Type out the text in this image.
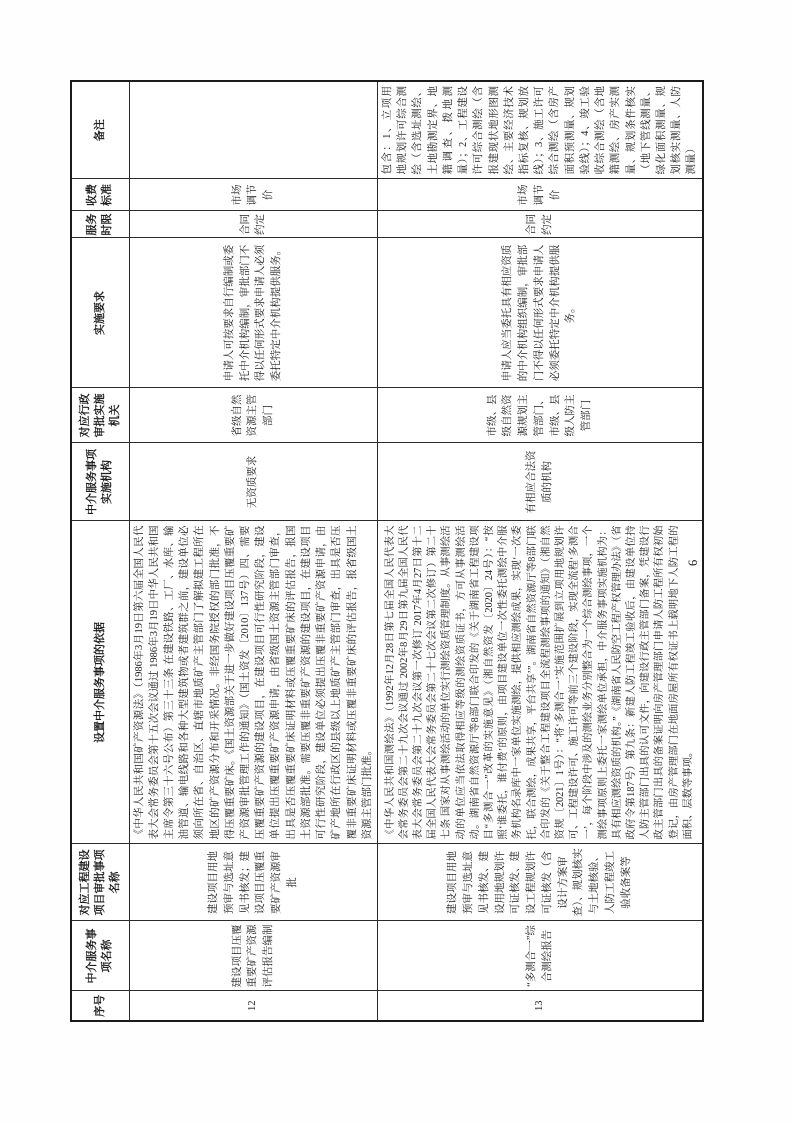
序号	中介服务事项名称	对应工程建设项目审批事项名称	设置中介服务事项的依据	中介服务事项实施机构	对应行政审批实施机关	实施要求	服务时限	收费标准	备注
12	建设项目压覆重要矿产资源评估报告编制	建设项目用地预审与选址意见书核发；建设项目压覆重要矿产资源审批	《中华人民共和国矿产资源法》（1986年3月19日第六届全国人民代表大会常务委员会第十五次会议通过 1986年3月19日中华人民共和国主席令第三十六号公布）第三十三条 在建设铁路、工厂、水库、输油管道、输电线路和各种大型建筑物或者建筑群之前，建设单位必须向所在省、自治区、直辖市地质矿产主管部门了解拟建工程所在地区的矿产资源分布和开采情况。非经国务院授权的部门批准，不得压覆重要矿床。《国土资源部关于进一步做好建设项目压覆重要矿产资源审批管理工作的通知》（国土资发〔2010〕137号）四、需要压覆重要矿产资源的建设项目，在建设项目可行性研究阶段，建设单位提出压覆重要矿产资源申请，由省级国土资源主管部门审查，出具是否压覆重要矿床证明材料或压覆重要矿床的评估报告，报国土资源部批准。需要压覆非重要矿产资源的建设项目，在建设项目可行性研究阶段，建设单位必须提出压覆非重要矿产资源申请，由矿产地所在行政区的县级以上地质矿产主管部门审查，出具是否压覆非重要矿床证明材料或压覆非重要矿床的评估报告，报省级国土资源主管部门批准。	无资质要求	省级自然资源主管部门	申请人可按要求自行编制或委托中介机构编制，审批部门不得以任何形式要求申请人必须委托特定中介机构提供服务。	合同约定	市场调节价	
13	“多测合一”综合测绘报告	建设项目用地预审与选址意见书核发、建设用地规划许可证核发、建设工程规划许可证核发（含设计方案审查）、规划核实与土地核验、人防工程竣工验收备案等	《中华人民共和国测绘法》（1992年12月28日第七届全国人民代表大会常务委员会第二十九次会议通过 2002年8月29日第九届全国人民代表大会常务委员会第二十九次会议第一次修订 2017年4月27日第十二届全国人民代表大会常务委员会第二十七次会议第二次修订）第二十七条 国家对从事测绘活动的单位实行测绘资质管理制度。从事测绘活动的单位应当依法取得相应等级的测绘资质证书，方可从事测绘活动。湖南省自然资源厅等8部门联合印发的《关于湖南省工程建设项目“多测合一”改革的实施意见》（湘自然资发〔2020〕24号）：“按照‘谁委托，谁付费’的原则，由项目建设单位一次性委托测绘中介服务机构名录库中一家单位实施测绘，提供相应测绘成果，实现‘一次委托，联合测绘，成果共享，平台共享’”。湖南省自然资源厅等8部门联合印发的《关于整合工程建设项目全流程测绘事项的通知》（湘自然资规〔2021〕1号）：“将‘多测合一’实施范围扩展到立项用地规划许可、工程建设许可、施工许可等前三个建设阶段，实现全流程‘多测合一’，每个阶段中涉及的测绘业务分别整合为一个综合测绘事项，一个测绘事项原则上委托一家测绘单位承担，中介服务事项实施机构为：具有相应测绘资质的机构。”《湖南省人民防空工程产权管理办法》（省政府令第187号）第九条：新建人防工程竣工验收后，由建设单位持人防主管部门出具的认可文件，向建设行政主管部门备案，凭建设行政主管部门出具的备案证明向房产管理部门申请人防工程所有权初始登记，由房产管理部门在地面房屋所有权证书上载明地下人防工程的面积、层数等事项。	有相应合法资质的机构	市级、县级自然资源规划主管部门、市级、县级人防主管部门	申请人应当委托具有相应资质的中介机构组织编制，审批部门不得以任何形式要求申请人必须委托特定中介机构提供服务。	合同约定	市场调节价	包含：1、立项用地规划许可综合测绘（含选址测绘、土地勘测定界、地籍调查、拨地测量）；2、工程建设许可综合测绘（含报建现状地形图测绘、主要经济技术指标复核、规划放线）；3、施工许可综合测绘（含房产面积预测量、规划验线）；4、竣工验收综合测绘（含地籍测绘、房产实测量、规划条件核实（地下管线测量、绿化面积测量、规划核实测量、人防测量）
6
